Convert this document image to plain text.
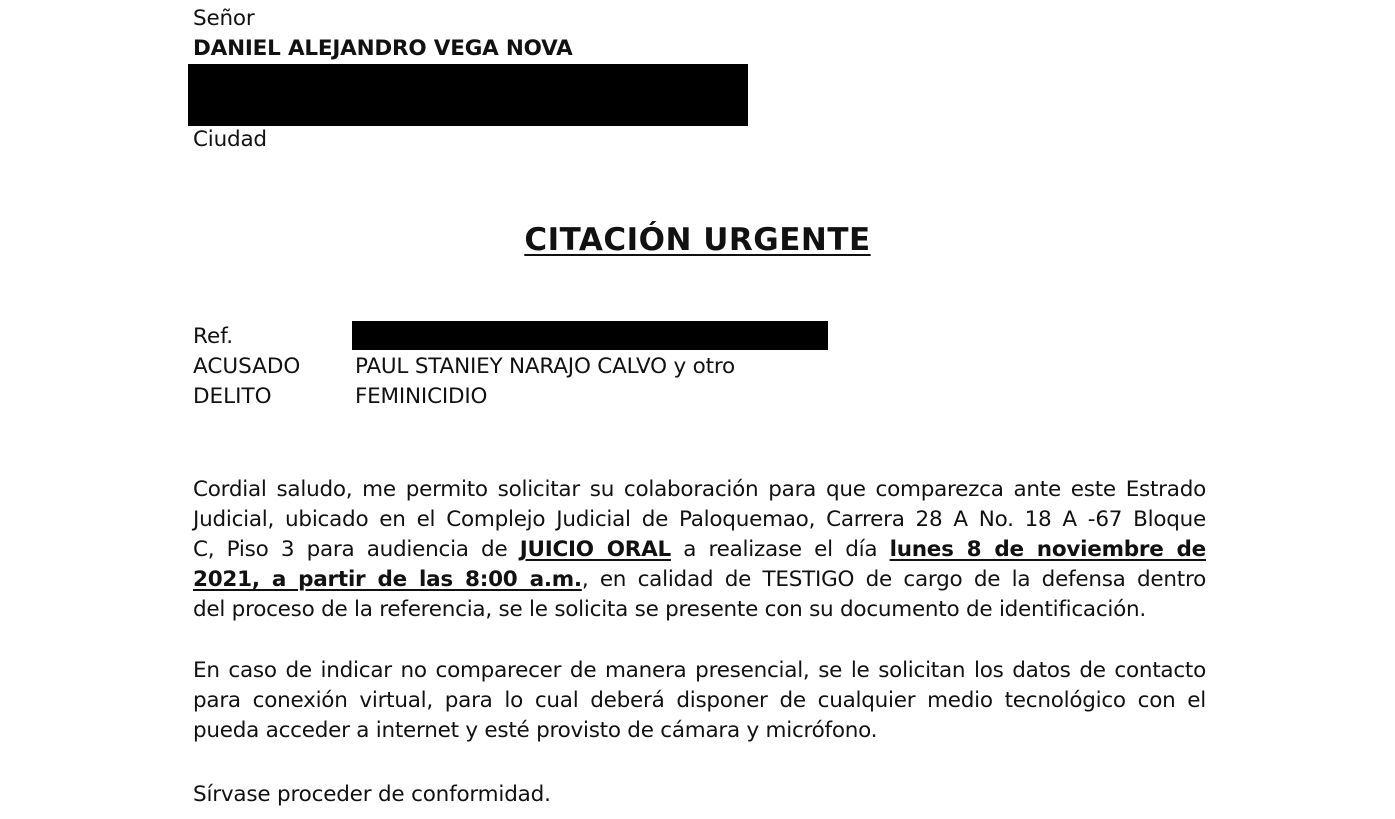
Señor
DANIEL ALEJANDRO VEGA NOVA
Ciudad
CITACIÓN URGENTE
Ref.
ACUSADO	PAUL STANIEY NARAJO CALVO y otro
DELITO	FEMINICIDIO
Cordial saludo, me permito solicitar su colaboración para que comparezca ante este Estrado
Judicial, ubicado en el Complejo Judicial de Paloquemao, Carrera 28 A No. 18 A -67 Bloque
C, Piso 3 para audiencia de JUICIO ORAL a realizase el día lunes 8 de noviembre de
2021, a partir de las 8:00 a.m., en calidad de TESTIGO de cargo de la defensa dentro
del proceso de la referencia, se le solicita se presente con su documento de identificación.
En caso de indicar no comparecer de manera presencial, se le solicitan los datos de contacto
para conexión virtual, para lo cual deberá disponer de cualquier medio tecnológico con el
pueda acceder a internet y esté provisto de cámara y micrófono.
Sírvase proceder de conformidad.
